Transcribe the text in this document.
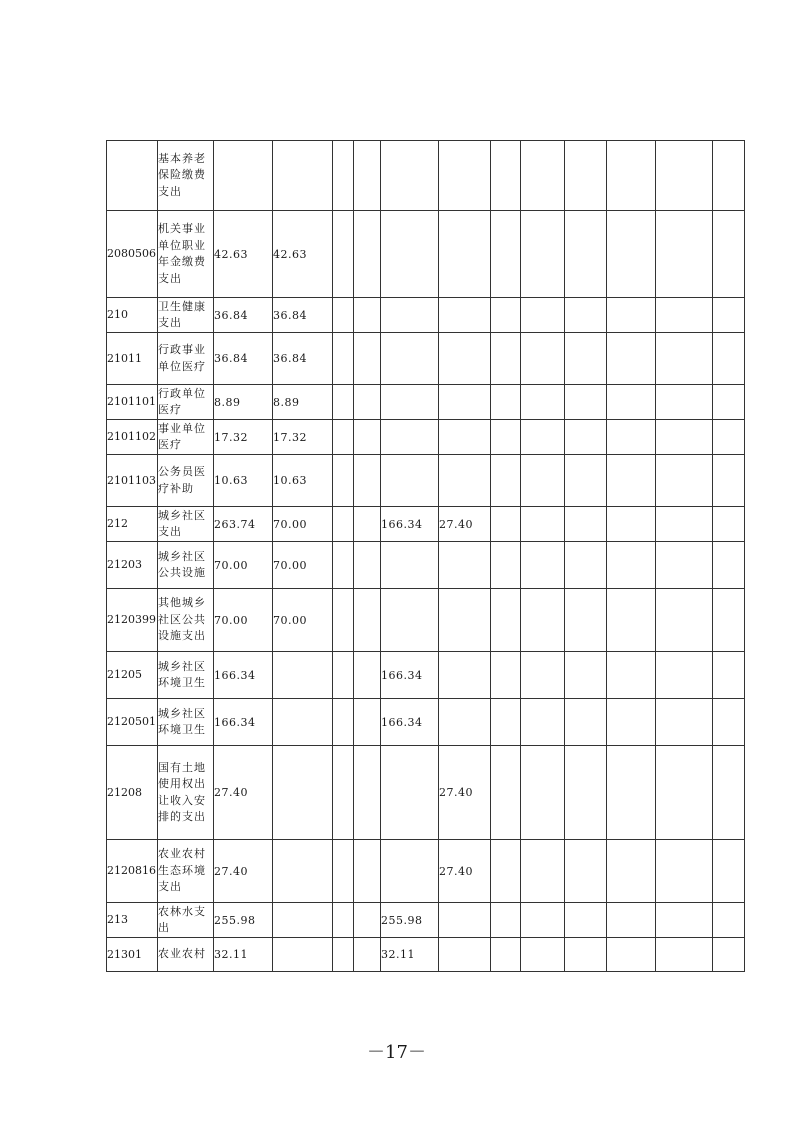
	基本养老保险缴费支出												
2080506	机关事业单位职业年金缴费支出	42.63	42.63										
210	卫生健康支出	36.84	36.84										
21011	行政事业单位医疗	36.84	36.84										
2101101	行政单位医疗	8.89	8.89										
2101102	事业单位医疗	17.32	17.32										
2101103	公务员医疗补助	10.63	10.63										
212	城乡社区支出	263.74	70.00			166.34	27.40						
21203	城乡社区公共设施	70.00	70.00										
2120399	其他城乡社区公共设施支出	70.00	70.00										
21205	城乡社区环境卫生	166.34				166.34							
2120501	城乡社区环境卫生	166.34				166.34							
21208	国有土地使用权出让收入安排的支出	27.40					27.40						
2120816	农业农村生态环境支出	27.40					27.40						
213	农林水支出	255.98				255.98							
21301	农业农村	32.11				32.11							
－17－
